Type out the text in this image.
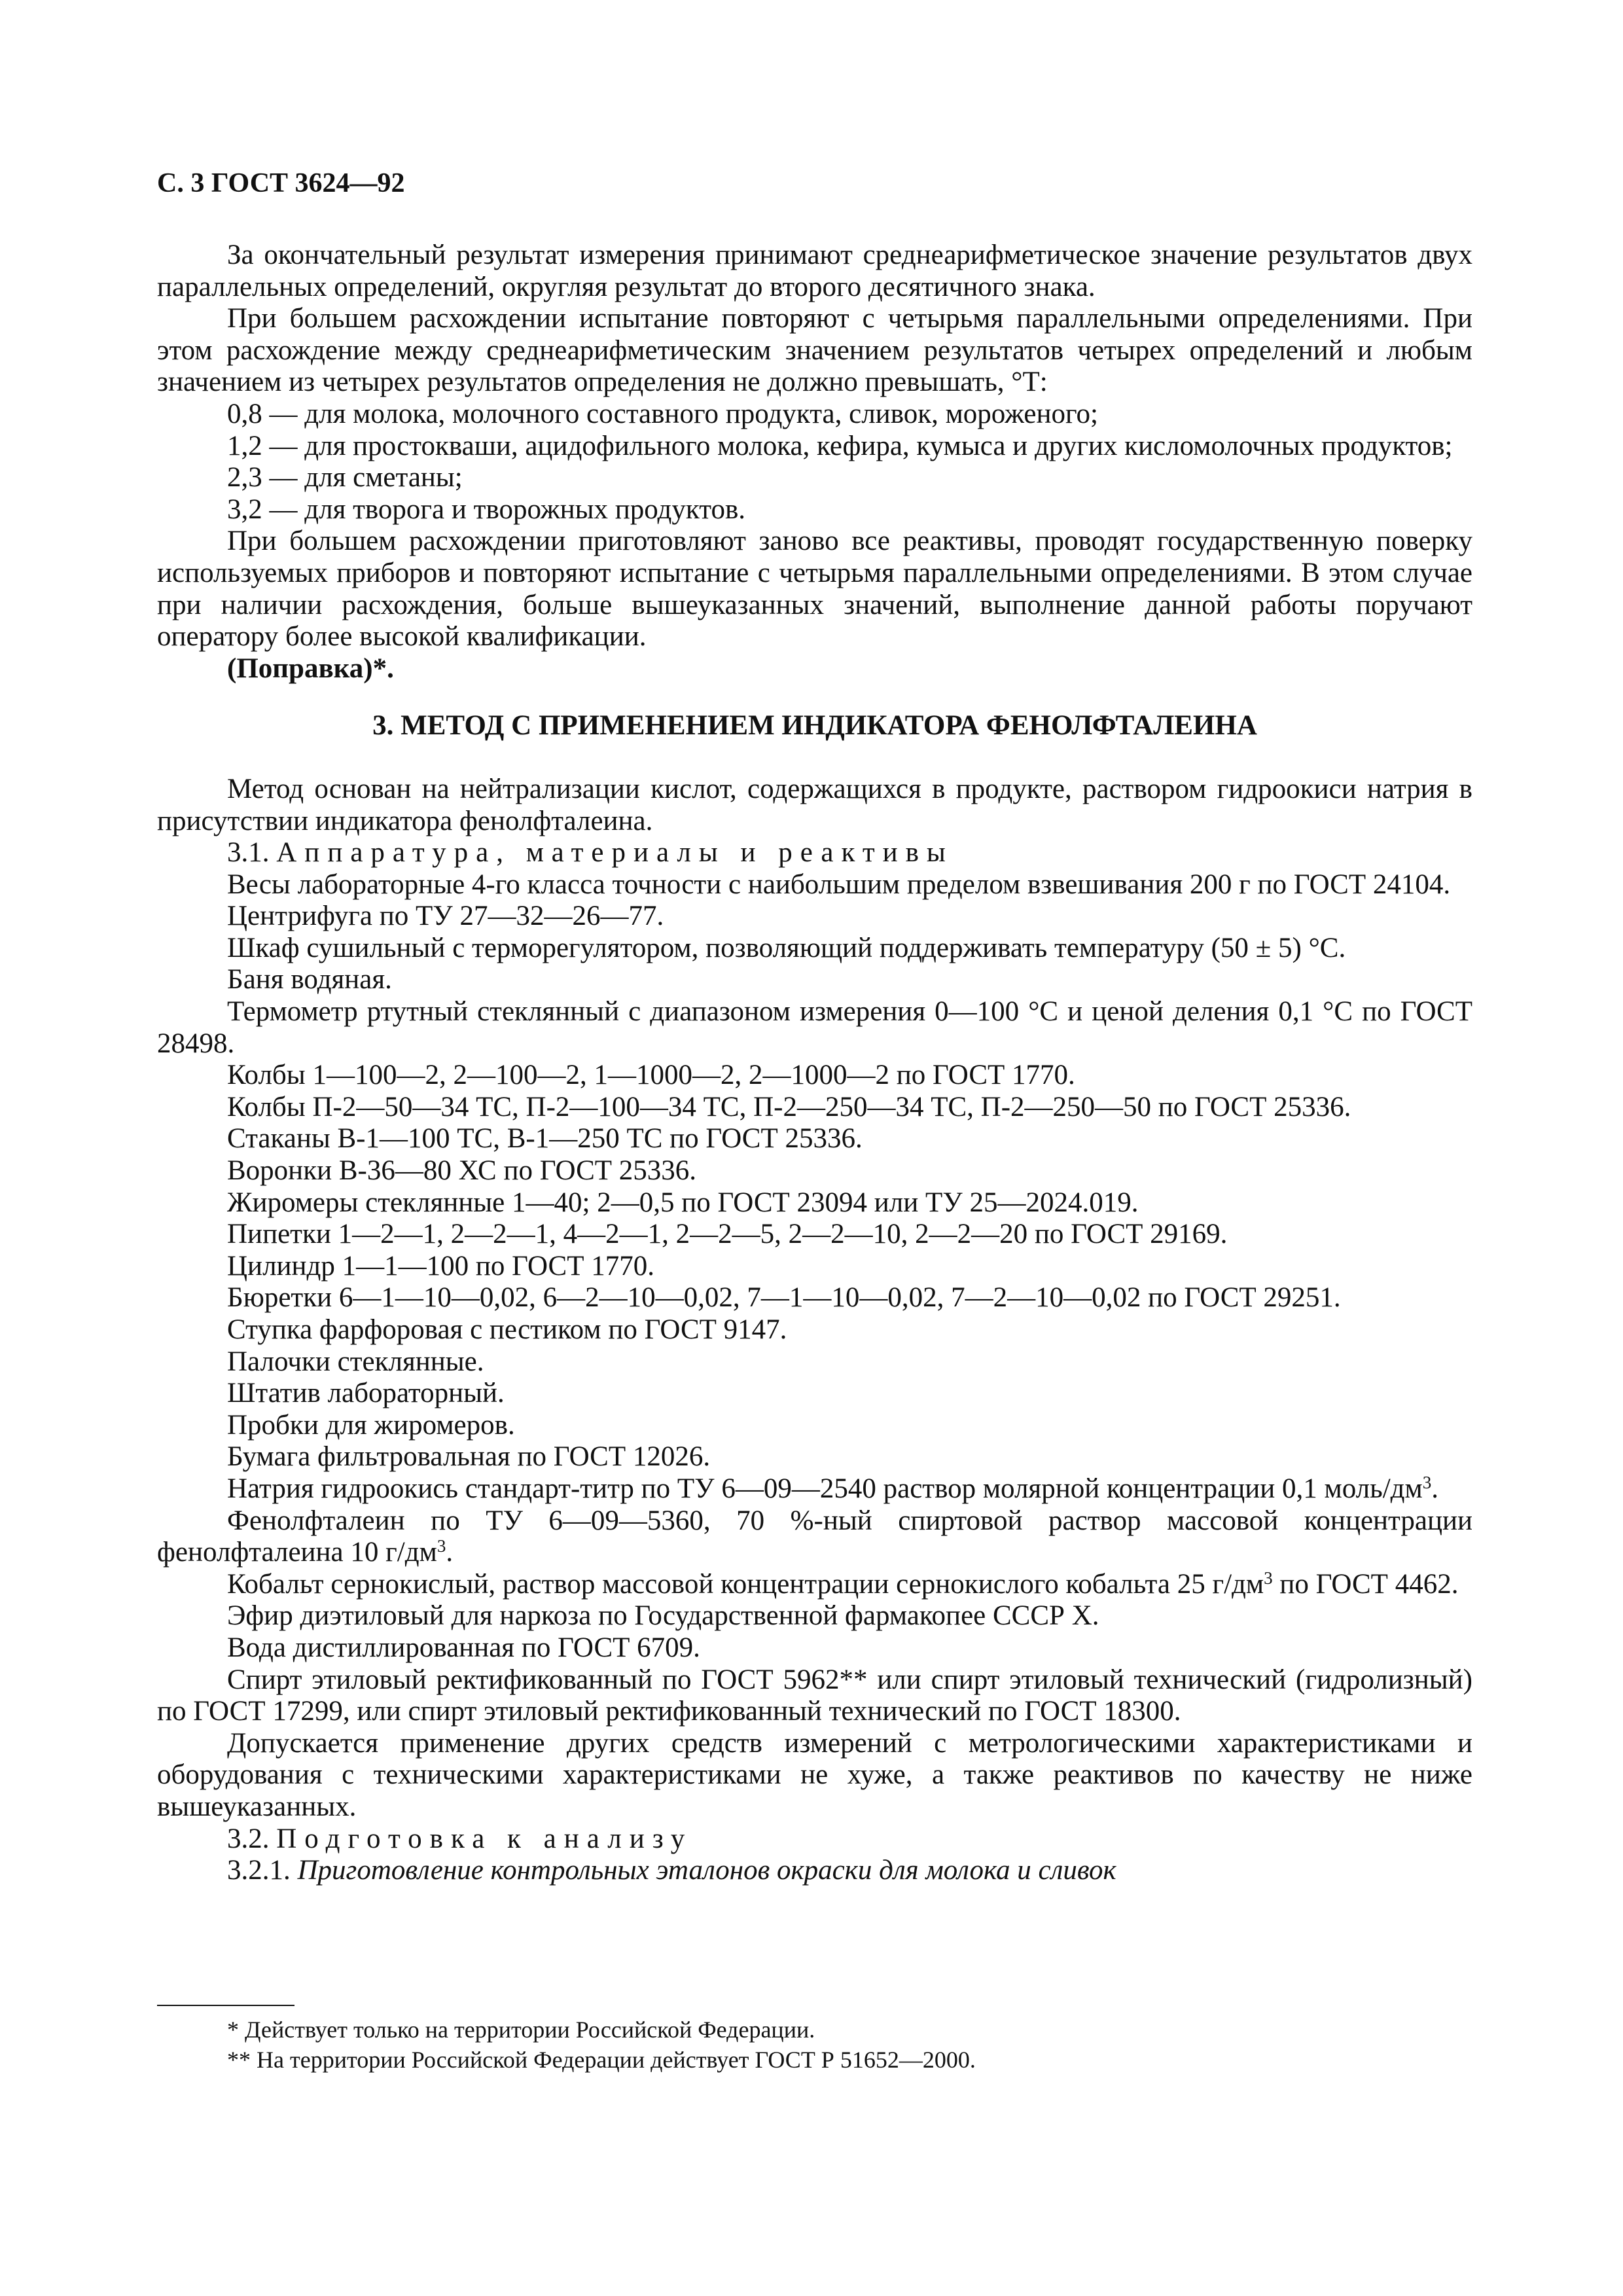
С. 3 ГОСТ 3624—92

За окончательный результат измерения принимают среднеарифметическое значение результатов двух параллельных определений, округляя результат до второго десятичного знака.

При большем расхождении испытание повторяют с четырьмя параллельными определениями. При этом расхождение между среднеарифметическим значением результатов четырех определений и любым значением из четырех результатов определения не должно превышать, °Т:

0,8 — для молока, молочного составного продукта, сливок, мороженого;

1,2 — для простокваши, ацидофильного молока, кефира, кумыса и других кисломолочных продуктов;

2,3 — для сметаны;

3,2 — для творога и творожных продуктов.

При большем расхождении приготовляют заново все реактивы, проводят государственную поверку используемых приборов и повторяют испытание с четырьмя параллельными определениями. В этом случае при наличии расхождения, больше вышеуказанных значений, выполнение данной работы поручают оператору более высокой квалификации.

(Поправка)*.

3. МЕТОД С ПРИМЕНЕНИЕМ ИНДИКАТОРА ФЕНОЛФТАЛЕИНА

Метод основан на нейтрализации кислот, содержащихся в продукте, раствором гидроокиси натрия в присутствии индикатора фенолфталеина.

3.1. Аппаратура, материалы и реактивы

Весы лабораторные 4-го класса точности с наибольшим пределом взвешивания 200 г по ГОСТ 24104.

Центрифуга по ТУ 27—32—26—77.

Шкаф сушильный с терморегулятором, позволяющий поддерживать температуру (50 ± 5) °С.

Баня водяная.

Термометр ртутный стеклянный с диапазоном измерения 0—100 °С и ценой деления 0,1 °С по ГОСТ 28498.

Колбы 1—100—2, 2—100—2, 1—1000—2, 2—1000—2 по ГОСТ 1770.

Колбы П-2—50—34 ТС, П-2—100—34 ТС, П-2—250—34 ТС, П-2—250—50 по ГОСТ 25336.

Стаканы В-1—100 ТС, В-1—250 ТС по ГОСТ 25336.

Воронки В-36—80 ХС по ГОСТ 25336.

Жиромеры стеклянные 1—40; 2—0,5 по ГОСТ 23094 или ТУ 25—2024.019.

Пипетки 1—2—1, 2—2—1, 4—2—1, 2—2—5, 2—2—10, 2—2—20 по ГОСТ 29169.

Цилиндр 1—1—100 по ГОСТ 1770.

Бюретки 6—1—10—0,02, 6—2—10—0,02, 7—1—10—0,02, 7—2—10—0,02 по ГОСТ 29251.

Ступка фарфоровая с пестиком по ГОСТ 9147.

Палочки стеклянные.

Штатив лабораторный.

Пробки для жиромеров.

Бумага фильтровальная по ГОСТ 12026.

Натрия гидроокись стандарт-титр по ТУ 6—09—2540 раствор молярной концентрации 0,1 моль/$дм^3$.

Фенолфталеин по ТУ 6—09—5360, 70 %-ный спиртовой раствор массовой концентрации фенолфталеина 10 $г/дм^3$.

Кобальт сернокислый, раствор массовой концентрации сернокислого кобальта 25 $г/дм^3$ по ГОСТ 4462.

Эфир диэтиловый для наркоза по Государственной фармакопее СССР X.

Вода дистиллированная по ГОСТ 6709.

Спирт этиловый ректификованный по ГОСТ 5962** или спирт этиловый технический (гидролизный) по ГОСТ 17299, или спирт этиловый ректификованный технический по ГОСТ 18300.

Допускается применение других средств измерений с метрологическими характеристиками и оборудования с техническими характеристиками не хуже, а также реактивов по качеству не ниже вышеуказанных.

3.2. Подготовка к анализу

3.2.1. Приготовление контрольных эталонов окраски для молока и сливок

* Действует только на территории Российской Федерации.

** На территории Российской Федерации действует ГОСТ Р 51652—2000.
